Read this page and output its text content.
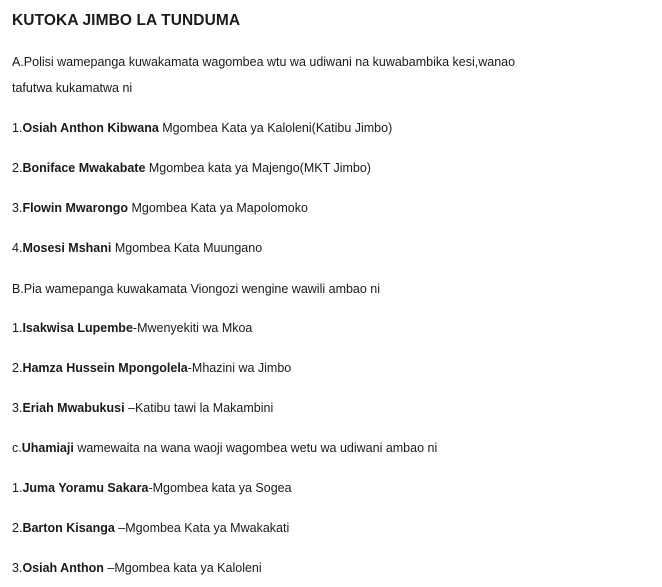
KUTOKA JIMBO LA TUNDUMA
A.Polisi wamepanga kuwakamata wagombea wtu wa udiwani na kuwabambika kesi,wanao
tafutwa kukamatwa ni
1.Osiah Anthon Kibwana Mgombea Kata ya Kaloleni(Katibu Jimbo)
2.Boniface Mwakabate Mgombea kata ya Majengo(MKT Jimbo)
3.Flowin Mwarongo Mgombea Kata ya Mapolomoko
4.Mosesi Mshani Mgombea Kata Muungano
B.Pia wamepanga kuwakamata Viongozi wengine wawili ambao ni
1.Isakwisa Lupembe-Mwenyekiti wa Mkoa
2.Hamza Hussein Mpongolela-Mhazini wa Jimbo
3.Eriah Mwabukusi –Katibu tawi la Makambini
c.Uhamiaji wamewaita na wana waoji wagombea wetu wa udiwani ambao ni
1.Juma Yoramu Sakara-Mgombea kata ya Sogea
2.Barton Kisanga –Mgombea Kata ya Mwakakati
3.Osiah Anthon –Mgombea kata ya Kaloleni
